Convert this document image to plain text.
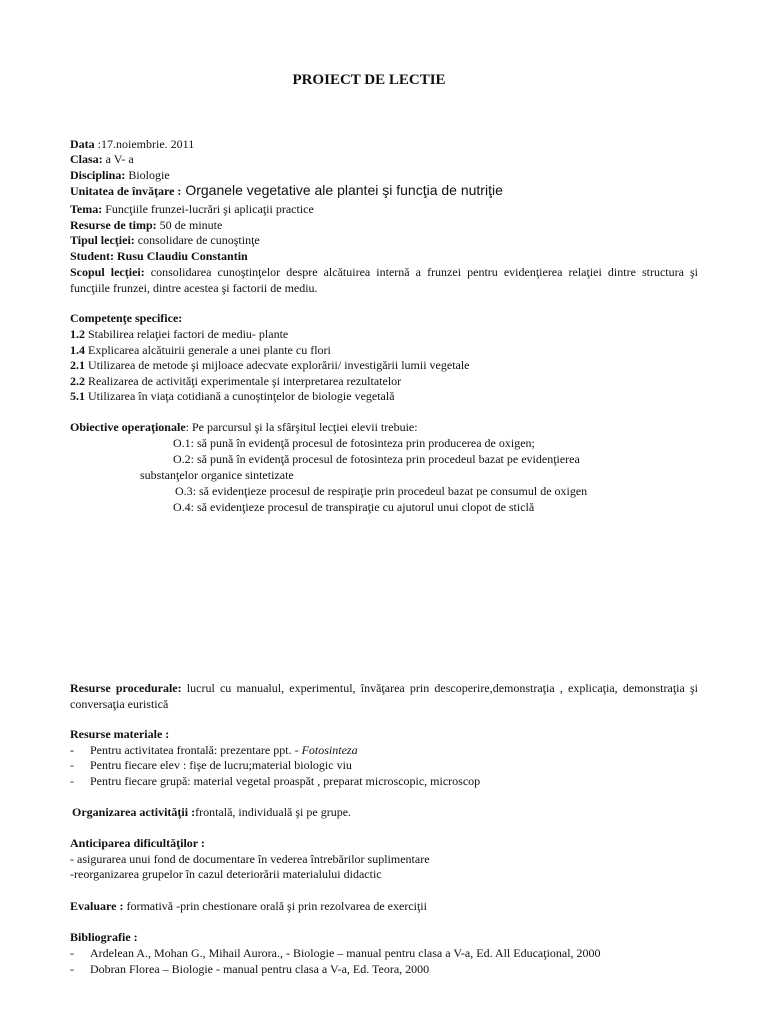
PROIECT DE LECTIE
Data :17.noiembrie. 2011
Clasa: a V- a
Disciplina: Biologie
Unitatea de învăţare : Organele vegetative ale plantei şi funcţia de nutriţie
Tema: Funcţiile frunzei-lucrări şi aplicaţii practice
Resurse de timp: 50 de minute
Tipul lecţiei: consolidare de cunoştinţe
Student: Rusu Claudiu Constantin
Scopul lecţiei: consolidarea cunoştinţelor despre alcătuirea internă a frunzei pentru evidenţierea relaţiei dintre structura şi funcţiile frunzei, dintre acestea şi factorii de mediu.
Competenţe specifice:
1.2 Stabilirea relaţiei factori de mediu- plante
1.4 Explicarea alcătuirii generale a unei plante cu flori
2.1 Utilizarea de metode şi mijloace adecvate explorării/ investigării lumii vegetale
2.2 Realizarea de activităţi experimentale şi interpretarea rezultatelor
5.1 Utilizarea în viaţa cotidiană a cunoştinţelor de biologie vegetală
Obiective operaţionale: Pe parcursul şi la sfârşitul lecţiei elevii trebuie:
O.1: să pună în evidenţă procesul de fotosinteza prin producerea de oxigen;
O.2: să pună în evidenţă procesul de fotosinteza prin procedeul bazat pe evidenţierea
substanţelor organice sintetizate
O.3: să evidenţieze procesul de respiraţie prin procedeul bazat pe consumul de oxigen
O.4: să evidenţieze procesul de transpiraţie cu ajutorul unui clopot de sticlă
Resurse procedurale: lucrul cu manualul, experimentul, învăţarea prin descoperire,demonstraţia , explicaţia, demonstraţia şi conversaţia euristică
Resurse materiale :
- Pentru activitatea frontală: prezentare ppt. - Fotosinteza
- Pentru fiecare elev : fişe de lucru;material biologic viu
- Pentru fiecare grupă: material vegetal proaspăt , preparat microscopic, microscop
Organizarea activităţii :frontală, individuală şi pe grupe.
Anticiparea dificultăţilor :
- asigurarea unui fond de documentare în vederea întrebărilor suplimentare
-reorganizarea grupelor în cazul deteriorării materialului didactic
Evaluare : formativă -prin chestionare orală şi prin rezolvarea de exerciţii
Bibliografie :
- Ardelean A., Mohan G., Mihail Aurora., - Biologie – manual pentru clasa a V-a, Ed. All Educaţional, 2000
- Dobran Florea – Biologie - manual pentru clasa a V-a, Ed. Teora, 2000
